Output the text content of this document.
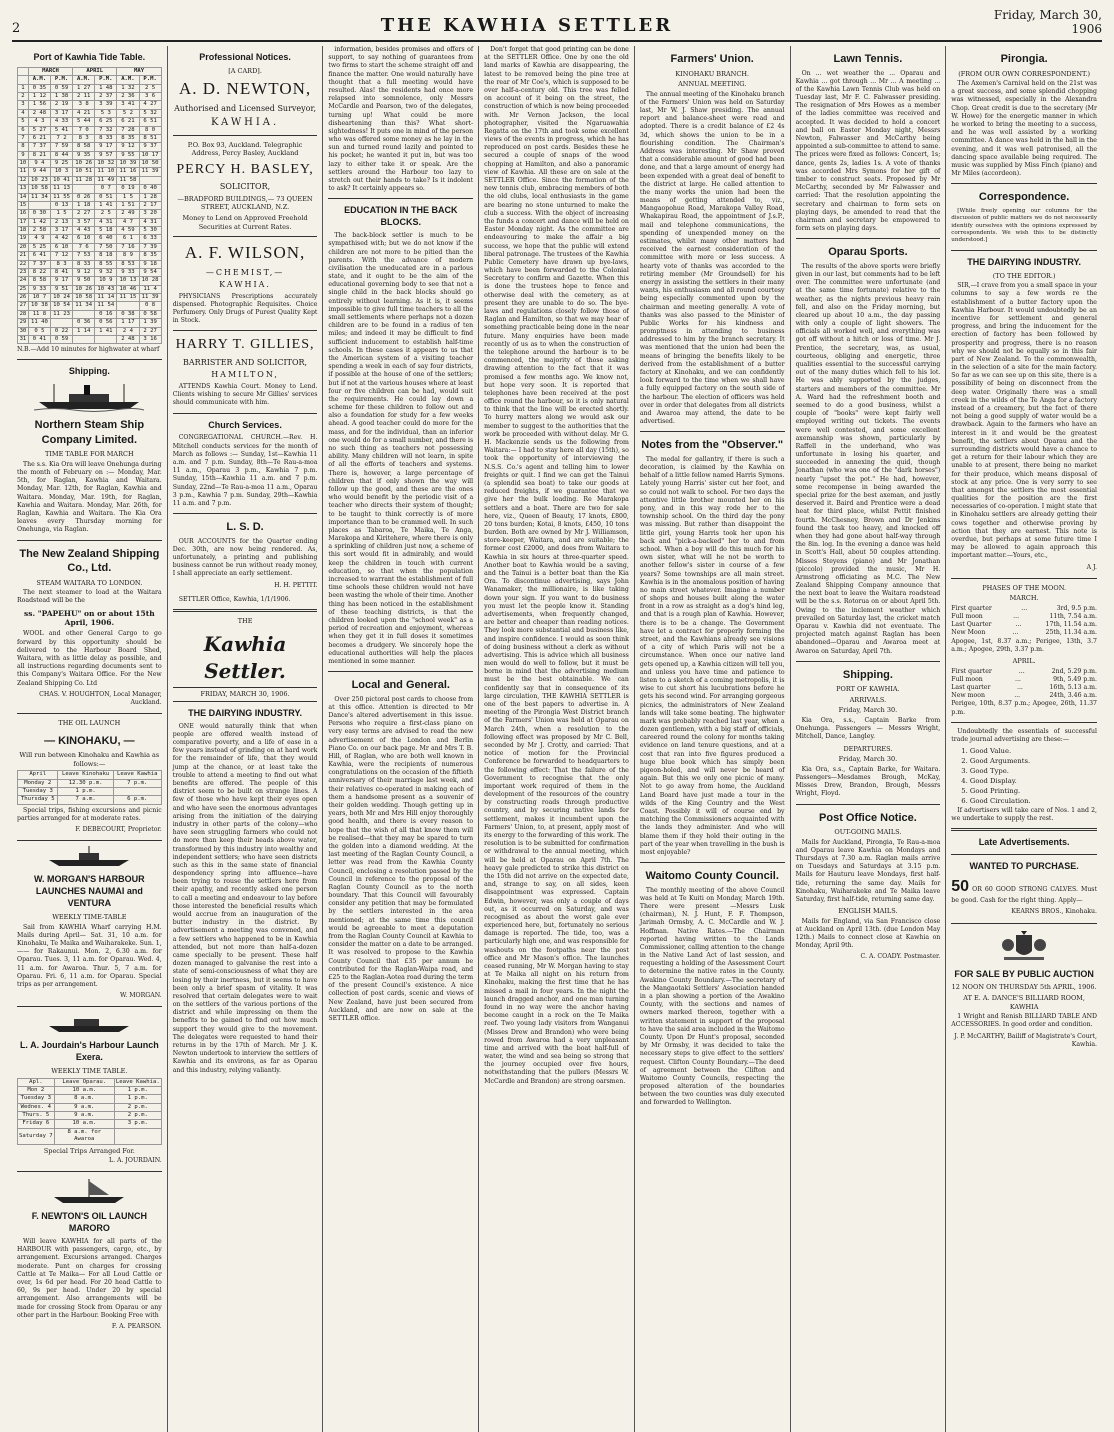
2	THE KAWHIA SETTLER	Friday, March 30, 1906
Port of Kawhia Tide Table.
	MARCH		APRIL		MAY	
	A.M.	P.M.	A.M.	P.M.	A.M.	P.M.
1	0 35	0 59	1 27	1 48	1 32	2 5
2	1 12	1 38	2 11	2 37	2 36	3 6
3	1 56	2 19	3 8	3 39	3 41	4 27
4	2 48	3 17	4 21	5 3	5 2	5 32
5	4 3	4 33	5 44	6 25	6 21	6 51
6	5 27	5 41	7 0	7 32	7 28	8 0
7	6 21	7 2	8 3	8 33	8 35	8 51
8	7 37	7 59	8 58	9 17	9 12	9 37
9	8 21	8 44	9 35	9 57	9 55	10 17
10	9 4	9 25	10 26	10 32	10 39	10 50
11	9 44	10 3	10 51	11 10	11 16	11 39
12	10 23	10 41	11 28	11 49	11 58	
13	10 58	11 13		0 7	0 19	0 40
14	11 34	11 55	0 26	0 51	1 5	1 28
15		0 13	1 18	1 41	1 51	2 17
16	0 30	1 5	2 27	2 5	2 49	3 20
17	1 42	2 13	3 57	4 31	4 7	4 31
18	2 58	3 17	4 43	5 18	4 59	5 30
19	4 9	4 42	6 10	6 40	6 1	6 33
20	5 25	6 10	7 6	7 50	7 16	7 39
21	6 41	7 12	7 53	8 18	8 9	8 35
22	7 37	8 3	8 33	8 55	8 53	9 18
23	8 22	8 41	9 12	9 32	9 33	9 54
24	8 58	9 17	9 50	10 9	10 13	10 28
25	9 33	9 51	10 26	10 43	10 46	11 4
26	10 7	10 24	10 58	11 14	11 15	11 39
27	10 38	10 54	11 34	11 54		0 8
28	11 8	11 23		0 16	0 38	0 58
29	11 40		0 36	0 56	1 17	1 39
30	0 5	0 22	1 14	1 41	2 4	2 27
31	0 41	0 59			2 48	3 16

N.B.—Add 10 minutes for highwater at wharf

Shipping.
Northern Steam Ship Company Limited.
TIME TABLE FOR MARCH

The s.s. Kia Ora will leave Onehunga during the month of February on :— Monday, Mar. 5th, for Raglan, Kawhia and Waitara. Monday, Mar. 12th, for Raglan, Kawhia and Waitara. Monday, Mar. 19th, for Raglan, Kawhia and Waitara. Monday, Mar. 26th, for Raglan, Kawhia and Waitara. The Kia Ora leaves every Thursday morning for Onehunga, via Raglan.

The New Zealand Shipping Co., Ltd.
STEAM WAITARA TO LONDON.

The next steamer to load at the Waitara Roadstead will be the

ss. "PAPEHU" on or about 15th April, 1906.

WOOL and other General Cargo to go forward by this opportunity should be delivered to the Harbour Board Shed, Waitara, with as little delay as possible, and all instructions regarding documents sent to this Company's Waitara Office. For the New Zealand Shipping Co. Ltd

CHAS. V. HOUGHTON, Local Manager, Auckland.
THE OIL LAUNCH
— KINOHAKU, —
Will run between Kinohaku and Kawhia as follows:—
April	Leave Kinohaku	Leave Kawhia
Monday 2	12.30 p.m.	7 p.m.
Tuesday 3	1 p.m.	
Thursday 5	7 a.m.	6 p.m.

Special trips, fishing excursions and picnic parties arranged for at moderate rates.

F. DEBECOURT, Proprietor.
W. MORGAN'S HARBOUR LAUNCHES NAUMAI and VENTURA
WEEKLY TIME-TABLE

Sail from KAWHIA Wharf carrying H.M. Mails during April— Sat. 31, 10 a.m. for Kinohaku, Te Maika and Waiharakeke. Sun. 1, —— for Rakaunui. Mon. 2, 6.30 a.m. for Oparau. Tues. 3, 11 a.m. for Oparau. Wed. 4, 11 a.m. for Awaroa. Thur. 5, 7 a.m. for Oparau. Fri. 6, 11 a.m. for Oparau. Special trips as per arrangement.

W. MORGAN.
L. A. Jourdain's Harbour Launch Exera.
WEEKLY TIME TABLE.
Apl.	Leave Oparau.	Leave Kawhia.
Mon 2	10 a.m.	1 p.m.
Tuesday 3	8 a.m.	1 p.m.
Wednes. 4	9 a.m.	2 p.m.
Thurs. 5	9 a.m.	2 p.m.
Friday 6	10 a.m.	3 p.m.
Saturday 7	8 a.m. for Awaroa	
Special Trips Arranged For.
L. A. JOURDAIN.
F. NEWTON'S OIL LAUNCH MARORO

Will leave KAWHIA for all parts of the HARBOUR with passengers, cargo, etc., by arrangement. Excursions arranged. Charges moderate. Punt on charges for crossing Cattle at Te Maika— For all Loud Cattle or over, 1s 6d per head. For 20 head Cattle to 60, 9s per head. Under 20 by special arrangement. Also arrangements will be made for crossing Stock from Oparau or any other part in the Harbour. Booking Free with

F. A. PEARSON.
Professional Notices.
[A CARD].
A. D. NEWTON,
Authorised and Licensed Surveyor,
KAWHIA.
P.O. Box 93, Auckland. Telegraphic Address, Percy Basley, Auckland
PERCY H. BASLEY,
SOLICITOR,
—BRADFORD BUILDINGS,— 73 QUEEN STREET, AUCKLAND, N.Z.
Money to Lend on Approved Freehold Securities at Current Rates.
A. F. WILSON,
—CHEMIST,—
KAWHIA.

PHYSICIANS Prescriptions accurately dispensed. Photographic Requisites. Choice Perfumery. Only Drugs of Purest Quality Kept in Stock.

HARRY T. GILLIES,
BARRISTER AND SOLICITOR,
HAMILTON,

ATTENDS Kawhia Court. Money to Lend. Clients wishing to secure Mr Gillies' services should communicate with him.

Church Services.

CONGREGATIONAL CHURCH.—Rev. H. Mitchell conducts services for the month of March as follows :— Sunday, 1st—Kawhia 11 a.m. and 7 p.m. Sunday, 8th—Te Rau-a-moa 11 a.m., Oparau 3 p.m., Kawhia 7 p.m. Sunday, 15th—Kawhia 11 a.m. and 7 p.m. Sunday, 22nd—Te Rau-a-moa 11 a.m., Oparau 3 p.m., Kawhia 7 p.m. Sunday, 29th—Kawhia 11 a.m. and 7 p.m.

L. S. D.

OUR ACCOUNTS for the Quarter ending Dec. 30th, are now being rendered. As, unfortunately, a printing and publishing business cannot be run without ready money, I shall appreciate an early settlement.

H. H. PETTIT.

SETTLER Office, Kawhia, 1/1/1906.

THE
Kawhia Settler.
FRIDAY, MARCH 30, 1906.
THE DAIRYING INDUSTRY.

ONE would naturally think that when people are offered wealth instead of comparative poverty, and a life of ease in a few years instead of grinding on at hard work for the remainder of life, that they would jump at the chance, or at least take the trouble to attend a meeting to find out what benefits are offered. The people of this district seem to be built on strange lines. A few of those who have kept their eyes open and who have seen the enormous advantages arising from the initiation of the dairying industry in other parts of the colony—who have seen struggling farmers who could not do more than keep their heads above water, transformed by this industry into wealthy and independent settlers; who have seen districts such as this in the same state of financial despondency spring into affluence—have been trying to rouse the settlers here from their apathy, and recently asked one person to call a meeting and endeavour to lay before those interested the beneficial results which would accrue from an inauguration of the butter industry in the district. By advertisement a meeting was convened, and a few settlers who happened to be in Kawhia attended, but not more than half-a-dozen came specially to be present. These half dozen managed to galvanise the rest into a state of semi-consciousness of what they are losing by their inertness, but it seems to have been only a brief spasm of vitality. It was resolved that certain delegates were to wait on the settlers of the various portions of the district and while impressing on them the benefits to be gained to find out how much support they would give to the movement. The delegates were requested to hand their returns in by the 17th of March. Mr J. K. Newton undertook to interview the settlers of Kawhia and its environs, as far as Oparau and this industry, relying valiantly.

information, besides promises and offers of support, to say nothing of guarantees from two firms to start the scheme straight off and finance the matter. One would naturally have thought that a full meeting would have resulted. Alas! the residents had once more relapsed into somnolence, only Messrs McCardle and Pearson, two of the delegates, turning up! What could be more disheartening than this? What short-sightedness! It puts one in mind of the person who was offered some money as he lay in the sun and turned round lazily and pointed to his pocket; he wanted it put in, but was too lazy to either take it or speak. Are the settlers around the Harbour too lazy to stretch out their hands to take? Is it indolent to ask? It certainly appears so.

EDUCATION IN THE BACK BLOCKS.

The back-block settler is much to be sympathised with; but we do not know if the children are not more to be pitied than the parents. With the advance of modern civilisation the uneducated are in a parlous state, and it ought to be the aim of the educational governing body to see that not a single child in the back blocks should go entirely without learning. As it is, it seems impossible to give full time teachers to all the small settlements where perhaps not a dozen children are to be found in a radius of ten miles; and indeed it may be difficult to find sufficient inducement to establish half-time schools. In these cases it appears to us that the American system of a visiting teacher spending a week in each of say four districts, if possible at the house of one of the settlers; but if not at the various houses where at least four or five children can be had, would suit the requirements. He could lay down a scheme for these children to follow out and also a foundation for study for a few weeks ahead. A good teacher could do more for the mass, and for the individual, than an inferior one would do for a small number, and there is no such thing as teachers not possessing ability. Many children will not learn, in spite of all the efforts of teachers and systems. There is, however, a large percentage of children that if only shown the way will follow up the good, and these are the ones who would benefit by the periodic visit of a teacher who directs their system of thought; to be taught to think correctly is of more importance than to be crammed well. In such places as Tabaroa, Te Maika, Te Anga, Marakopa and Kiritehere, where there is only a sprinkling of children just now, a scheme of this sort would fit in admirably, and would keep the children in touch with current education, so that when the population increased to warrant the establishment of full time schools these children would not have been wasting the whole of their time. Another thing has been noticed in the establishment of these teaching districts, is that the children looked upon the "school week" as a period of recreation and enjoyment, whereas when they get it in full doses it sometimes becomes a drudgery. We sincerely hope the educational authorities will help the places mentioned in some manner.

Local and General.

Over 250 pictoral post cards to choose from at this office. Attention is directed to Mr Dance's altered advertisement in this issue. Persons who require a first-class piano on very easy terms are advised to read the new advertisement of the London and Berlin Piano Co. on our back page. Mr and Mrs T. B. Hill, of Raglan, who are both well known in Kawhia, were the recipients of numerous congratulations on the occasion of the fiftieth anniversary of their marriage last week, and their relatives co-operated in making each of them a handsome present as a souvenir of their golden wedding. Though getting up in years, both Mr and Mrs Hill enjoy thoroughly good health, and there is every reason to hope that the wish of all that know them will be realised—that they may be spared to turn the golden into a diamond wedding. At the last meeting of the Raglan County Council, a letter was read from the Kawhia County Council, enclosing a resolution passed by the Council in reference to the proposal of the Raglan County Council as to the north boundary. That this Council will favourably consider any petition that may be formulated by the settlers interested in the area mentioned; at the same time this council would be agreeable to meet a deputation from the Raglan County Council at Kawhia to consider the matter on a date to be arranged. It was resolved to propose to the Kawhia County Council that £35 per annum be contributed for the Raglan-Waipa road, and £25 to the Raglan-Aotea road during the term of the present Council's existence. A nice collection of post cards, scenic and views of New Zealand, have just been secured from Auckland, and are now on sale at the SETTLER office.

Don't forget that good printing can be done at the SETTLER Office. One by one the old land marks of Kawhia are disappearing, the latest to be removed being the pine tree at the rear of Mr Coe's, which is supposed to be over half-a-century old. This tree was felled on account of it being on the street, the construction of which is now being proceeded with. Mr Vernon Jackson, the local photographer, visited the Ngaruawahia Regatta on the 17th and took some excellent views of the events in progress, which he has reproduced on post cards. Besides these he secured a couple of snaps of the wood chopping at Hamilton, and also a panoramic view of Kawhia. All these are on sale at the SETTLER Office. Since the formation of the new tennis club, embracing members of both the old clubs, local enthusiasts in the game are bearing no stone unturned to make the club a success. With the object of increasing the funds a concert and dance will be held on Easter Monday night. As the committee are endeavouring to make the affair a big success, we hope that the public will extend liberal patronage. The trustees of the Kawhia Public Cemetery have drawn up bye-laws, which have been forwarded to the Colonial Secretary to confirm and Gazette. When this is done the trustees hope to fence and otherwise deal with the cemetery, as at present they are unable to do so. The bye-laws and regulations closely follow those of Raglan and Hamilton, so that we may hear of something practicable being done in the near future. Many enquiries have been made recently of us as to when the construction of the telephone around the harbour is to be commenced, the majority of those asking drawing attention to the fact that it was promised a few months ago. We know not, but hope very soon. It is reported that telephones have been received at the post office round the harbour, so it is only natural to think that the line will be erected shortly. To hurry matters along we would ask our member to suggest to the authorities that the work be proceeded with without delay. Mr G. H. Mackenzie sends us the following from Waitara:— I had to stay here all day (15th), so took the opportunity of interviewing the N.S.S. Co.'s agent and telling him to lower freights or quit. I find we can get the Tainui (a splendid sea boat) to take our goods at reduced freights, if we guarantee that we give her the bulk loading. Re Marakopa settlers and a boat. There are two for sale here, viz., Queen of Beauty, 17 knots, £800, 20 tons burden; Kotai, 8 knots, £450, 10 tons burden. Both are owned by Mr J. Williamson, store-keeper, Waitara, and are suitable; the former cost £2000, and does from Waitara to Kawhia in six hours at three-quarter speed. Another boat to Kawhia would be a saving, and the Tainui is a better boat than the Kia Ora. To discontinue advertising, says John Wanamaker, the millionaire, is like taking down your sign. If you want to do business you must let the people know it. Standing advertisements, when frequently changed, are better and cheaper than reading notices. They look more substantial and business like, and inspire confidence. I would as soon think of doing business without a clerk as without advertising. This is advice which all business men would do well to follow, but it must be borne in mind that the advertising medium must be the best obtainable. We can confidently say that in consequence of its large circulation, THE KAWHIA SETTLER is one of the best papers to advertise in. A meeting of the Pirongia West District branch of the Farmers' Union was held at Oparau on March 24th, when a resolution to the following effect was proposed by Mr C. Bell, seconded by Mr J. Crotty, and carried: That notice of motion for the Provincial Conference be forwarded to headquarters to the following effect: That the failure of the Government to recognise that the only important work required of them in the development of the resources of the country by constructing roads through productive country, and by securing native lands for settlement, makes it incumbent upon the Farmers' Union, to, at present, apply most of its energy to the forwarding of this work. The resolution is to be submitted for confirmation or withdrawal to the annual meeting, which will be held at Oparau on April 7th. The heavy gale predicted to strike this district on the 15th did not arrive on the expected date, and, strange to say, on all sides, keen disappointment was expressed. Captain Edwin, however, was only a couple of days out, as it occurred on Saturday, and was recognised as about the worst gale ever experienced here, but, fortunately no serious damage is reported. The tide, too, was a particularly high one, and was responsible for washouts on the footpaths near the post office and Mr Mason's office. The launches ceased running, Mr W. Morgan having to stay at Te Maika all night on his return from Kinohaku, making the first time that he has missed a mail in four years. In the night the launch dragged anchor, and one man turning found in no way were the anchor having become caught in a rock on the Te Maika reef. Two young lady visitors from Wanganui (Misses Drew and Brandon) who were being rowed from Awaroa had a very unpleasant time and arrived with the boat half-full of water, the wind and sea being so strong that the journey occupied over five hours, notwithstanding that the pullers (Messrs W. McCardle and Brandon) are strong oarsmen.

Farmers' Union.
KINOHAKU BRANCH.
ANNUAL MEETING.

The annual meeting of the Kinohaku branch of the Farmers' Union was held on Saturday last, Mr W. J. Shaw presiding. The annual report and balance-sheet were read and adopted. There is a credit balance of £2 4s 3d, which shows the union to be in a flourishing condition. The Chairman's Address was interesting. Mr Shaw proved that a considerable amount of good had been done, and that a large amount of energy had been expended with a great deal of benefit to the district at large. He called attention to the many works the union had been the means of getting attended to, viz., Mangaopohue Road, Marakopa Valley Road, Whakapirau Road, the appointment of J.s.P., mail and telephone communications, the spending of unexpended money on the estimates, whilst many other matters had received the earnest consideration of the committee with more or less success. A hearty vote of thanks was accorded to the retiring member (Mr Groundsell) for his energy in assisting the settlers in their many wants, his enthusiasm and all round courtesy being especially commented upon by the chairman and meeting generally. A vote of thanks was also passed to the Minister of Public Works for his kindness and promptness in attending to business addressed to him by the branch secretary. It was mentioned that the union had been the means of bringing the benefits likely to be derived from the establishment of a butter factory at Kinohaku, and we can confidently look forward to the time when we shall have a fully equipped factory on the south side of the harbour. The election of officers was held over in order that delegates from all districts and Awaroa may attend, the date to be advertised.

Notes from the "Observer."

The medal for gallantry, if there is such a decoration, is claimed by the Kawhia on behalf of a little fellow named Harris Symons. Lately young Harris' sister cut her foot, and so could not walk to school. For two days the attentive little brother mounted her on his pony, and in this way rode her to the township school. On the third day the pony was missing. But rather than disappoint the little girl, young Harris took her upon his back and "pick-a-backed" her to and from school. When a boy will do this much for his own sister, what will he not be worth to another fellow's sister in course of a few years? Some townships are all main street. Kawhia is in the anomalous position of having no main street whatever. Imagine a number of shops and houses built along the water front in a row as straight as a dog's hind leg, and that is a rough plan of Kawhia. However, there is to be a change. The Government have let a contract for properly forming the street, and the Kawhians already see visions of a city of which Paris will not be a circumstance. When once our native land gets opened up, a Kawhia citizen will tell you, and unless you have time and patience to listen to a sketch of a coming metropolis, it is wise to cut short his lucubrations before he gets his second wind. For arranging gorgeous picnics, the administrators of New Zealand lands will take some beating. The highwater mark was probably reached last year, when a dozen gentlemen, with a big staff of officials, careered round the colony for months taking evidence on land tenure questions, and at a cost that ran into five figures produced a huge blue book which has simply been pigeon-holed, and will never be heard of again. But this we only one picnic of many. Not to go away from home, the Auckland Land Board have just made a tour in the wilds of the King Country and the West Coast. Possibly it will of course end by matching the Commissioners acquainted with the lands they administer. And who will blame them if they hold their outing in the part of the year when travelling in the bush is most enjoyable?

Waitomo County Council.

The monthly meeting of the above Council was held at Te Kuiti on Monday, March 19th. There were present —Messrs Lusk (chairman), N. J. Hunt, F. F. Thompson, Jarimah Ormsby, A. C. McCardle and W. J. Hoffman. Native Rates.—The Chairman reported having written to the Lands Commissioner, calling attention to the change in the Native Land Act of last session, and requesting a holding of the Assessment Court to determine the native rates in the County. Awakino County Boundary.—The secretary of the Mangaotaki Settlers' Association handed in a plan showing a portion of the Awakino County, with the sections and names of owners marked thereon, together with a written statement in support of the proposal to have the said area included in the Waitomo County. Upon Dr Hunt's proposal, seconded by Mr Ormsby, it was decided to take the necessary steps to give effect to the settlers' request. Clifton County Boundary.—The deed of agreement between the Clifton and Waitomo County Councils, respecting the proposed alteration of the boundaries between the two counties was duly executed and forwarded to Wellington.

Lawn Tennis.

On ... wet weather the ... Oparau and Kawhia ... got through ... Mr ... A meeting ... of the Kawhia Lawn Tennis Club was held on Tuesday last, Mr F. C. Falwasser presiding. The resignation of Mrs Howes as a member of the ladies committee was received and accepted. It was decided to hold a concert and ball on Easter Monday night, Messrs Newton, Falwasser and McCarthy being appointed a sub-committee to attend to same. The prices were fixed as follows: Concert, 1s; dance, gents 2s, ladies 1s. A vote of thanks was accorded Mrs Symons for her gift of timber to construct seats. Proposed by Mr McCarthy, seconded by Mr Falwasser and carried: That the resolution appointing the secretary and chairman to form sets on playing days, be amended to read that the chairman and secretary be empowered to form sets on playing days.

Oparau Sports.

The results of the above sports were briefly given in our last, but comments had to be left over. The committee were unfortunate (and at the same time fortunate) relative to the weather, as the nights previous heavy rain fell, and also on the Friday morning, but cleared up about 10 a.m., the day passing with only a couple of light showers. The officials all worked well, and everything was got off without a hitch or loss of time. Mr J. Prentice, the secretary, was, as usual, courteous, obliging and energetic, three qualities essential to the successful carrying out of the many duties which fell to his lot. He was ably supported by the judges, starters and members of the committee. Mr A. Ward had the refreshment booth and seemed to do a good business, whilst a couple of "books" were kept fairly well employed writing out tickets. The events were well contested, and some excellent axemanship was shown, particularly by Raffell in the underhand, who was unfortunate in losing his quarter, and succeeded in annexing the quid, though Jonathan (who was one of the "dark horses") nearly "upset the pot." He had, however, some recompense in being awarded the special prize for the best axeman, and justly deserved it. Baird and Prentice were a dead heat for third place, whilst Pettit finished fourth. McChesney, Brown and Dr Jenkins found the task too heavy, and knocked off when they had gone about half-way through the 8in. log. In the evening a dance was held in Scott's Hall, about 50 couples attending. Misses Steyens (piano) and Mr Jonathan (piccolo) provided the music, Mr H. Armstrong officiating as M.C. The New Zealand Shipping Company announce that the next boat to leave the Waitara roadstead will be the s.s. Rotorua on or about April 5th. Owing to the inclement weather which prevailed on Saturday last, the cricket match Oparau v. Kawhia did not eventuate. The projected match against Raglan has been abandoned—Oparau and Awaroa meet at Awaroa on Saturday, April 7th.

Shipping.
PORT OF KAWHIA.
ARRIVALS.
Friday, March 30.

Kia Ora, s.s., Captain Barke from Onehunga. Passengers — Messrs Wright, Mitchell, Dance, Langley.

DEPARTURES.
Friday, March 30.

Kia Ora, s.s., Captain Barke, for Waitara. Passengers—Mesdames Brough, McKay, Misses Drew, Brandon, Brough, Messrs Wright, Floyd.

Post Office Notice.
OUT-GOING MAILS.

Mails for Auckland, Pirongia, Te Rau-a-moa and Oparau leave Kawhia on Mondays and Thursdays at 7.30 a.m. Raglan mails arrive on Tuesdays and Saturdays at 3.15 p.m. Mails for Hauturu leave Mondays, first half-tide, returning the same day. Mails for Kinohaku, Waiharakeke and Te Maika leave Saturday, first half-tide, returning same day.

ENGLISH MAILS.

Mails for England, via San Francisco close at Auckland on April 13th. (due London May 12th.) Mails to connect close at Kawhia on Monday, April 9th.

C. A. COADY. Postmaster.
Pirongia.
(FROM OUR OWN CORRESPONDENT.)

The Axemen's Carnival held on the 21st was a great success, and some splendid chopping was witnessed, especially in the Alexandra Chop. Great credit is due to the secretary (Mr W. Howe) for the energetic manner in which he worked to bring the meeting to a success, and he was well assisted by a working committee. A dance was held in the hall in the evening, and it was well patronised, all the dancing space available being required. The music was supplied by Miss Finch (piano) and Mr Miles (accordeon).

Correspondence.

[While freely opening our columns for the discussion of public matters we do not necessarily identify ourselves with the opinions expressed by correspondents. We wish this to be distinctly understood.]

THE DAIRYING INDUSTRY.
(TO THE EDITOR.)

SIR,—I crave from you a small space in your columns to say a few words re the establishment of a butter factory upon the Kawhia Harbour. It would undoubtedly be an incentive for settlement and general progress, and bring the inducement for the erection of factory has been followed by prosperity and progress, there is no reason why we should not be equally so in this fair part of New Zealand. To the commonwealth, in the selection of a site for the main factory. So far as we can see up on this site, there is a possibility of being on disconnect from the deep water. Originally there was a small creek in the wilds of the Te Anga for a factory instead of a creamery, but the fact of there not being a good supply of water would be a drawback. Again to the farmers who have an interest in it and would be the greatest benefit, the settlers about Oparau and the surrounding districts would have a chance to get a return for their labour which they are unable to at present, there being no market for their produce, which means disposal of stock at any price. One is very sorry to see that amongst the settlers the most essential qualities for the position are the first necessaries of co-operation. I might state that in Kinohaku settlers are already getting their cows together and otherwise proving by action that they are earnest. This note is overdue, but perhaps at some future time I may be allowed to again approach this important matter.—Yours, etc.,

A J.
PHASES OF THE MOON.
MARCH.
First quarter	...	3rd, 9.5 p.m.
Full moon	...	11th, 7.54 a.m.
Last Quarter	...	17th, 11.54 a.m.
New Moon	...	25th, 11.34 a.m.

Apogee, 1st, 8.37 a.m.; Perigee, 13th, 3.7 a.m.; Apogee, 29th, 3.37 p.m.

APRIL.
First quarter	...	2nd, 5.29 p.m.
Full moon	...	9th, 5.49 p.m.
Last quarter	...	16th, 5.13 a.m.
New moon	...	24th, 3.46 a.m.

Perigee, 10th, 8.37 p.m.; Apogee, 26th, 11.37 p.m.

Undoubtedly the essentials of successful trade journal advertising are these:—

1. Good Value.
2. Good Arguments.
3. Good Type.
4. Good Display.
5. Good Printing.
6. Good Circulation.

If advertisers will take care of Nos. 1 and 2, we undertake to supply the rest.

Late Advertisements.
WANTED TO PURCHASE.

50 OR 60 GOOD STRONG CALVES. Must be good. Cash for the right thing. Apply—

KEARNS BROS., Kinohaku.
FOR SALE BY PUBLIC AUCTION
12 NOON ON THURSDAY 5th APRIL, 1906.
AT E. A. DANCE'S BILLIARD ROOM, KAWHIA

1 Wright and Renish BILLIARD TABLE AND ACCESSORIES. In good order and condition.

J. P. McCARTHY, Bailiff of Magistrate's Court, Kawhia.
